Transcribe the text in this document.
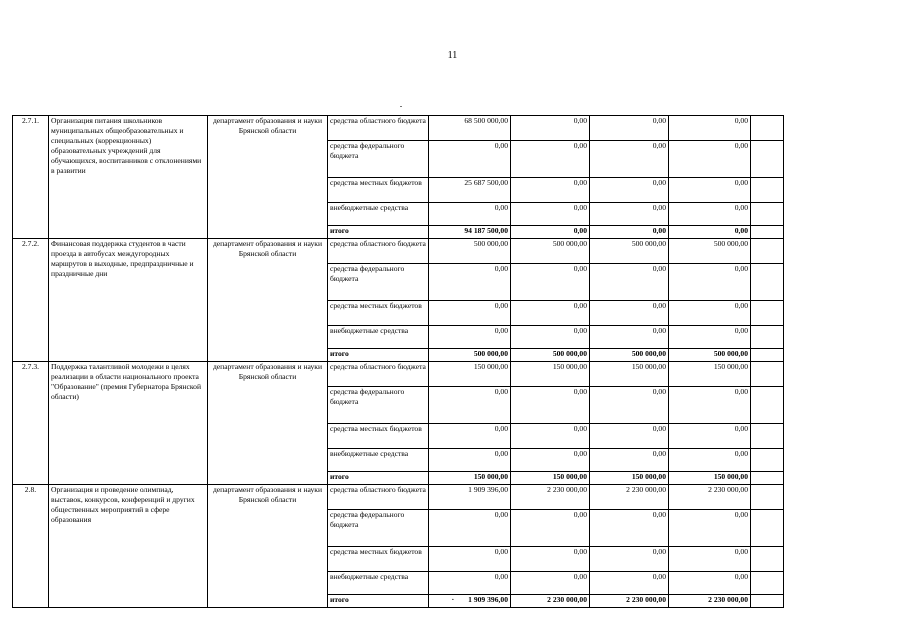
11
2.7.1.	Организация питания школьников муниципальных общеобразовательных и специальных (коррекционных) образовательных учреждений для обучающихся, воспитанников с отклонениями в развитии	департамент образования и науки Брянской области	средства областного бюджета	68 500 000,00	0,00	0,00	0,00	
			средства федерального бюджета	0,00	0,00	0,00	0,00	
			средства местных бюджетов	25 687 500,00	0,00	0,00	0,00	
			внебюджетные средства	0,00	0,00	0,00	0,00	
			итого	94 187 500,00	0,00	0,00	0,00	
2.7.2.	Финансовая поддержка студентов в части проезда в автобусах междугородных маршрутов в выходные, предпраздничные и праздничные дни	департамент образования и науки Брянской области	средства областного бюджета	500 000,00	500 000,00	500 000,00	500 000,00	
			средства федерального бюджета	0,00	0,00	0,00	0,00	
			средства местных бюджетов	0,00	0,00	0,00	0,00	
			внебюджетные средства	0,00	0,00	0,00	0,00	
			итого	500 000,00	500 000,00	500 000,00	500 000,00	
2.7.3.	Поддержка талантливой молодежи в целях реализации в области национального проекта "Образование" (премия Губернатора Брянской области)	департамент образования и науки Брянской области	средства областного бюджета	150 000,00	150 000,00	150 000,00	150 000,00	
			средства федерального бюджета	0,00	0,00	0,00	0,00	
			средства местных бюджетов	0,00	0,00	0,00	0,00	
			внебюджетные средства	0,00	0,00	0,00	0,00	
			итого	150 000,00	150 000,00	150 000,00	150 000,00	
2.8.	Организация и проведение олимпиад, выставок, конкурсов, конференций и других общественных мероприятий в сфере образования	департамент образования и науки Брянской области	средства областного бюджета	1 909 396,00	2 230 000,00	2 230 000,00	2 230 000,00	
			средства федерального бюджета	0,00	0,00	0,00	0,00	
			средства местных бюджетов	0,00	0,00	0,00	0,00	
			внебюджетные средства	0,00	0,00	0,00	0,00	
			итого	· 1 909 396,00	2 230 000,00	2 230 000,00	2 230 000,00	
